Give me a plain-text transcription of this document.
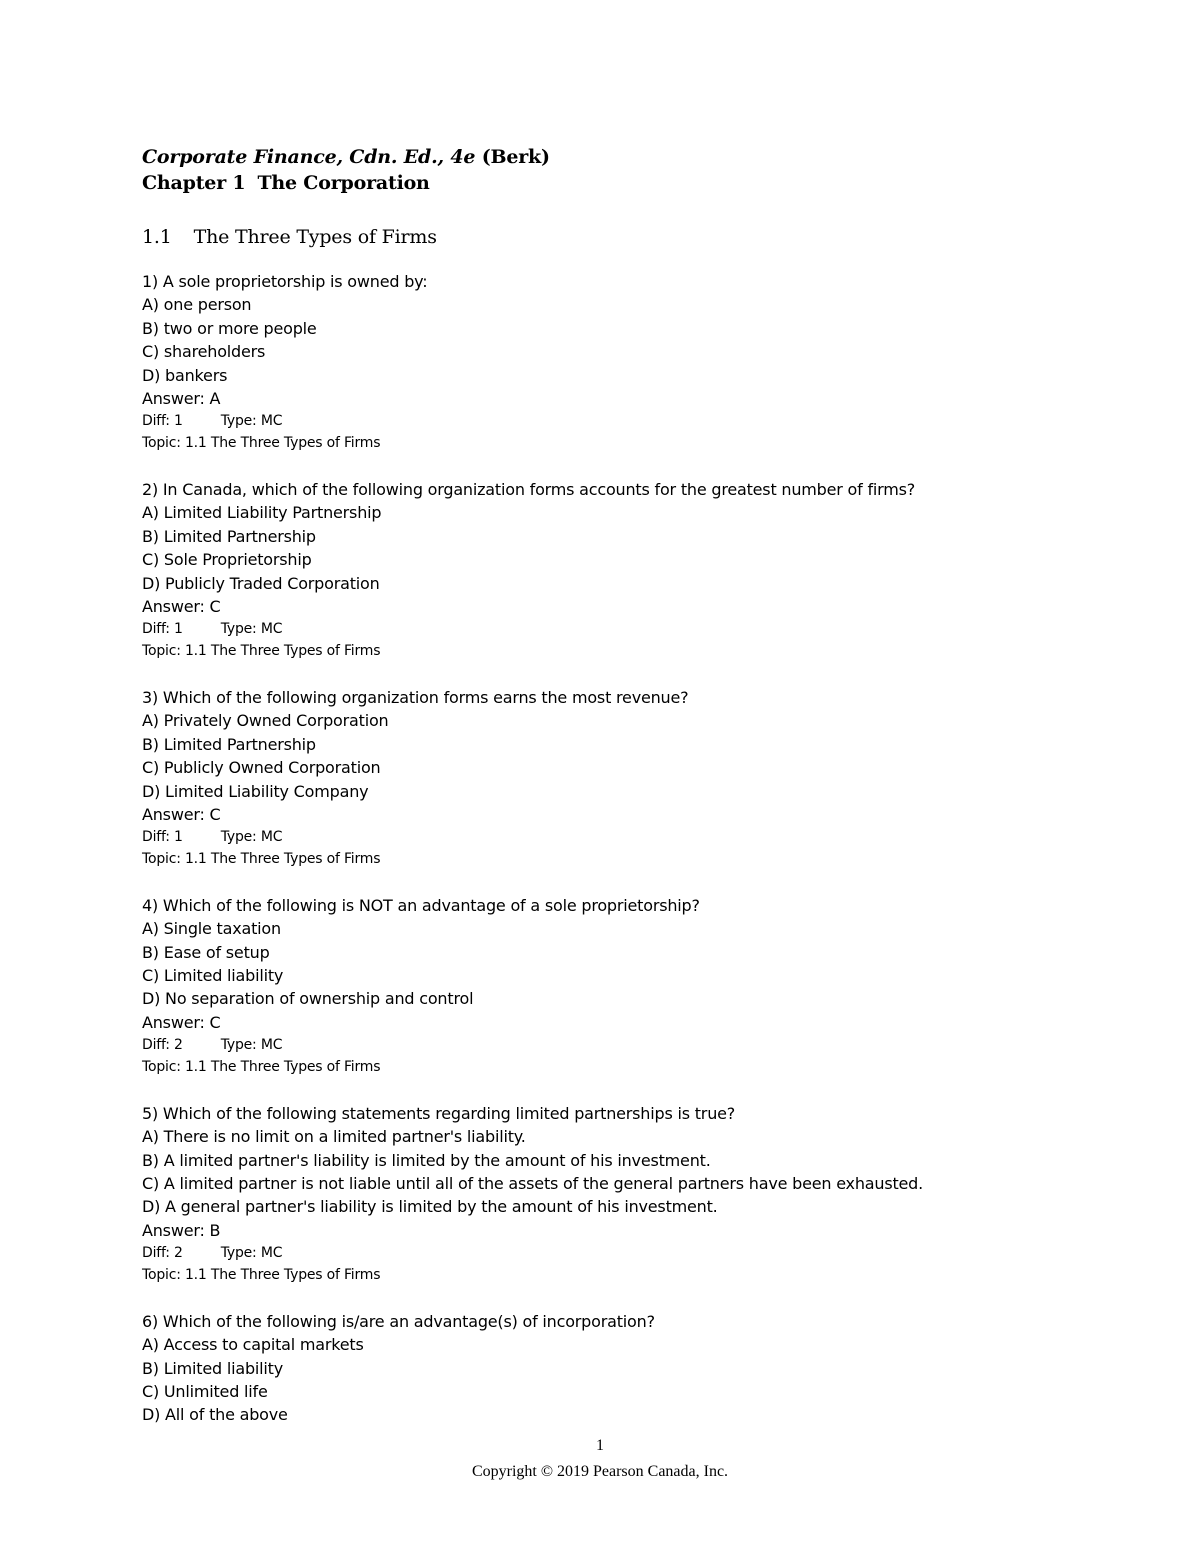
Corporate Finance, Cdn. Ed., 4e (Berk)

Chapter 1 The Corporation

1.1 The Three Types of Firms

1) A sole proprietorship is owned by:
A) one person
B) two or more people
C) shareholders
D) bankers
Answer: A
Diff: 1	Type: MC
Topic: 1.1 The Three Types of Firms
2) In Canada, which of the following organization forms accounts for the greatest number of firms?
A) Limited Liability Partnership
B) Limited Partnership
C) Sole Proprietorship
D) Publicly Traded Corporation
Answer: C
Diff: 1	Type: MC
Topic: 1.1 The Three Types of Firms
3) Which of the following organization forms earns the most revenue?
A) Privately Owned Corporation
B) Limited Partnership
C) Publicly Owned Corporation
D) Limited Liability Company
Answer: C
Diff: 1	Type: MC
Topic: 1.1 The Three Types of Firms
4) Which of the following is NOT an advantage of a sole proprietorship?
A) Single taxation
B) Ease of setup
C) Limited liability
D) No separation of ownership and control
Answer: C
Diff: 2	Type: MC
Topic: 1.1 The Three Types of Firms
5) Which of the following statements regarding limited partnerships is true?
A) There is no limit on a limited partner's liability.
B) A limited partner's liability is limited by the amount of his investment.
C) A limited partner is not liable until all of the assets of the general partners have been exhausted.
D) A general partner's liability is limited by the amount of his investment.
Answer: B
Diff: 2	Type: MC
Topic: 1.1 The Three Types of Firms
6) Which of the following is/are an advantage(s) of incorporation?
A) Access to capital markets
B) Limited liability
C) Unlimited life
D) All of the above
1
Copyright © 2019 Pearson Canada, Inc.
